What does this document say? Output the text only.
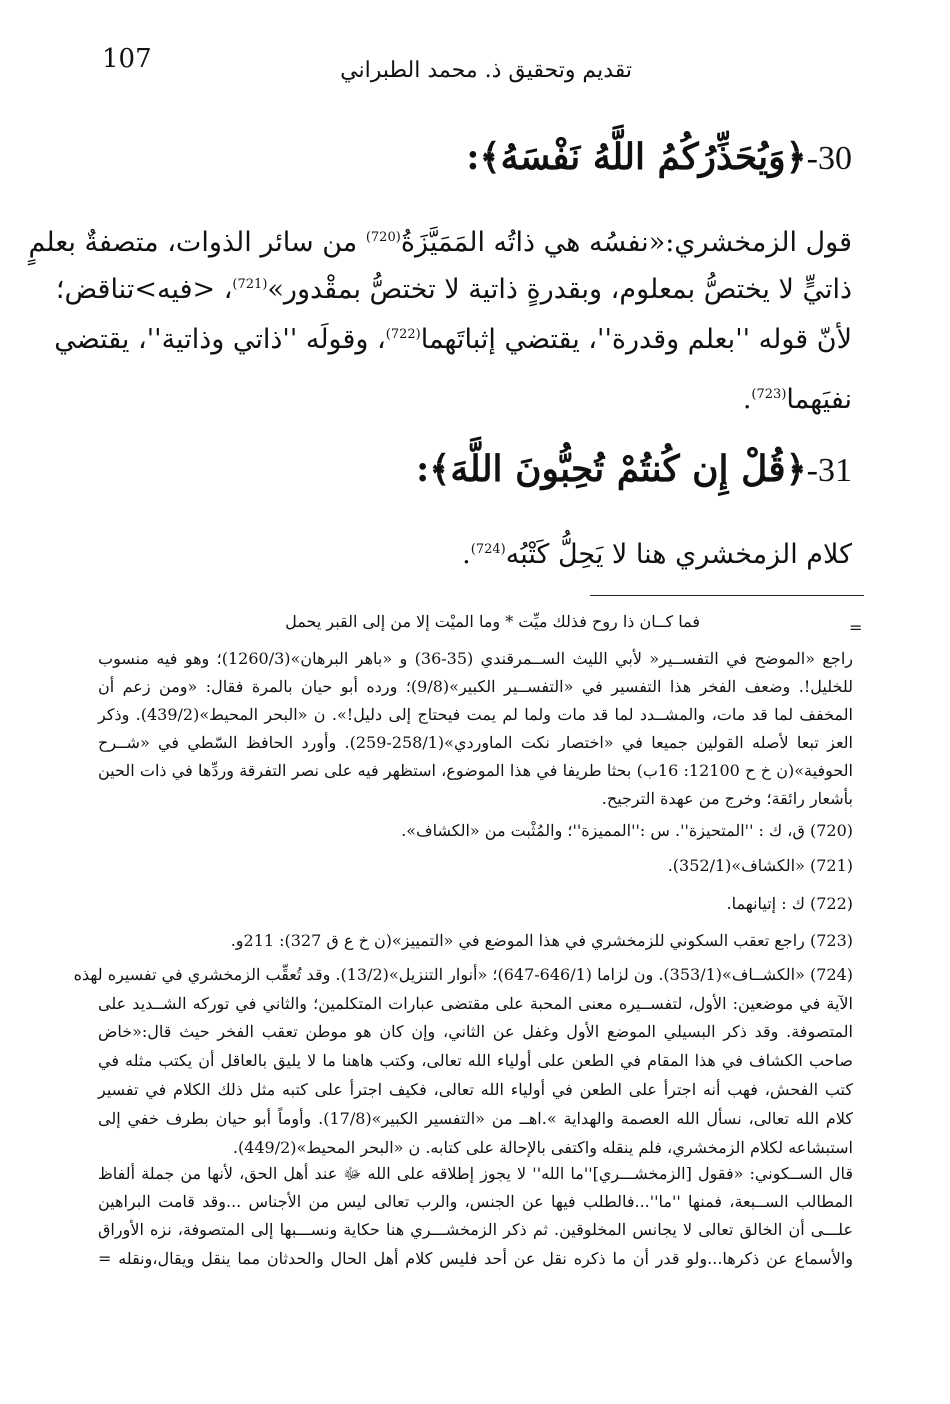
107	تقديم وتحقيق ذ. محمد الطبراني
30-﴿وَيُحَذِّرُكُمُ اللَّهُ نَفْسَهُ﴾:
قول الزمخشري:«نفسُه هي ذاتُه المَمَيَّزَةُ$^{(720)}$ من سائر الذوات، متصفةٌ بعلمٍ
ذاتيٍّ لا يختصُّ بمعلوم، وبقدرةٍ ذاتية لا تختصُّ بمقْدور»$^{(721)}$، <فيه>تناقض؛
لأنّ قوله ''بعلم وقدرة''، يقتضي إثباتَهما$^{(722)}$، وقولَه ''ذاتي وذاتية''، يقتضي
نفيَهما$^{(723)}$.
31-﴿قُلْ إِن كُنتُمْ تُحِبُّونَ اللَّهَ﴾:
كلام الزمخشري هنا لا يَحِلُّ كَتْبُه$^{(724)}$.
=
فما كــان ذا روح فذلك ميِّت * وما الميْت إلا من إلى القبر يحمل
راجع «الموضح في التفســير« لأبي الليث الســمرقندي (35-36) و «باهر البرهان»(1260/3)؛ وهو فيه منسوب
للخليل!. وضعف الفخر هذا التفسير في «التفســير الكبير»(9/8)؛ ورده أبو حيان بالمرة فقال: «ومن زعم أن
المخفف لما قد مات، والمشــدد لما قد مات ولما لم يمت فيحتاج إلى دليل!». ن «البحر المحيط»(439/2). وذكر
العز تبعا لأصله القولين جميعا في «اختصار نكت الماوردي»(258/1-259). وأورد الحافظ السّطي في «شــرح
الحوفية»(ن خ ح 12100: 16ب) بحثا طريفا في هذا الموضوع، استظهر فيه على نصر التفرقة وردِّها في ذات الحين
بأشعار رائقة؛ وخرج من عهدة الترجيح.
(720) ق، ك : ''المتحيزة''. س :''المميزة''؛ والمُثْبت من «الكشاف».
(721) «الكشاف»(352/1).
(722) ك : إتيانهما.
(723) راجع تعقب السكوني للزمخشري في هذا الموضع في «التمييز»(ن خ ع ق 327): 211و.
(724) «الكشــاف»(353/1). ون لزاما (646/1-647)؛ «أنوار التنزيل»(13/2). وقد تُعقِّب الزمخشري في تفسيره لهذه
الآية في موضعين: الأول، لتفســيره معنى المحبة على مقتضى عبارات المتكلمين؛ والثاني في توركه الشــديد على
المتصوفة. وقد ذكر البسيلي الموضع الأول وغفل عن الثاني، وإن كان هو موطن تعقب الفخر حيث قال:«خاض
صاحب الكشاف في هذا المقام في الطعن على أولياء الله تعالى، وكتب هاهنا ما لا يليق بالعاقل أن يكتب مثله في
كتب الفحش، فهب أنه اجترأ على الطعن في أولياء الله تعالى، فكيف اجترأ على كتبه مثل ذلك الكلام في تفسير
كلام الله تعالى، نسأل الله العصمة والهداية ».اهــ من «التفسير الكبير»(17/8). وأوماً أبو حيان بطرف خفي إلى
استبشاعه لكلام الزمخشري، فلم ينقله واكتفى بالإحالة على كتابه. ن «البحر المحيط»(449/2).
قال الســكوني: «فقول [الزمخشـــري]''ما الله'' لا يجوز إطلاقه على الله ﷻ عند أهل الحق، لأنها من جملة ألفاظ
المطالب الســبعة، فمنها ''ما''...فالطلب فيها عن الجنس، والرب تعالى ليس من الأجناس ...وقد قامت البراهين
علـــى أن الخالق تعالى لا يجانس المخلوقين. ثم ذكر الزمخشـــري هنا حكاية ونســـبها إلى المتصوفة، نزه الأوراق
والأسماع عن ذكرها...ولو قدر أن ما ذكره نقل عن أحد فليس كلام أهل الحال والحدثان مما ينقل ويقال،ونقله =
